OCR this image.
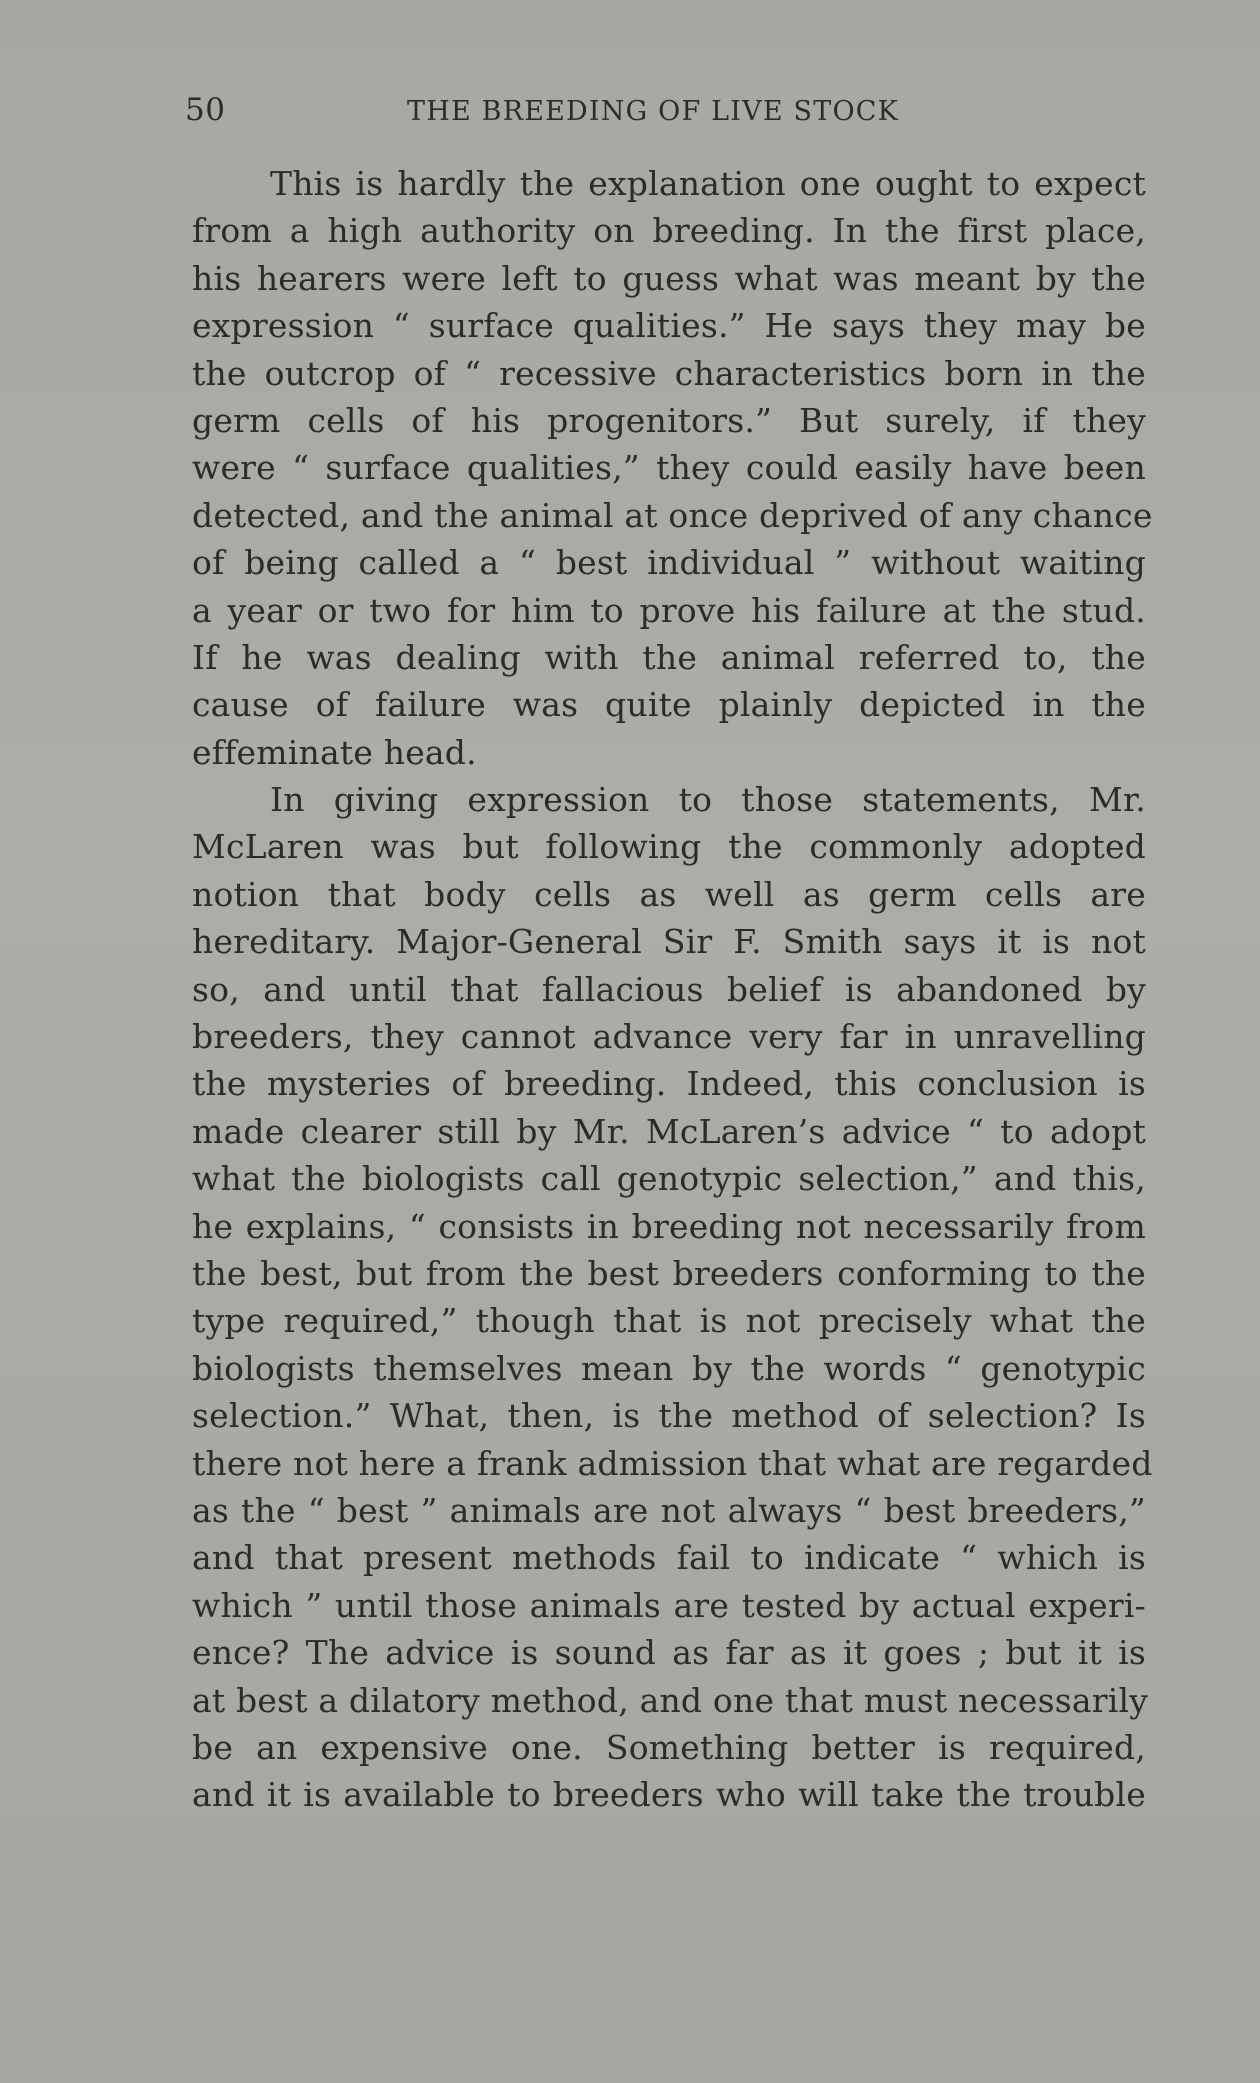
50	THE BREEDING OF LIVE STOCK

This is hardly the explanation one ought to expect
from a high authority on breeding. In the first place,
his hearers were left to guess what was meant by the
expression “ surface qualities.” He says they may be
the outcrop of “ recessive characteristics born in the
germ cells of his progenitors.” But surely, if they
were “ surface qualities,” they could easily have been
detected, and the animal at once deprived of any chance
of being called a “ best individual ” without waiting
a year or two for him to prove his failure at the stud.
If he was dealing with the animal referred to, the
cause of failure was quite plainly depicted in the
effeminate head.

In giving expression to those statements, Mr.
McLaren was but following the commonly adopted
notion that body cells as well as germ cells are
hereditary. Major-General Sir F. Smith says it is not
so, and until that fallacious belief is abandoned by
breeders, they cannot advance very far in unravelling
the mysteries of breeding. Indeed, this conclusion is
made clearer still by Mr. McLaren’s advice “ to adopt
what the biologists call genotypic selection,” and this,
he explains, “ consists in breeding not necessarily from
the best, but from the best breeders conforming to the
type required,” though that is not precisely what the
biologists themselves mean by the words “ genotypic
selection.” What, then, is the method of selection? Is
there not here a frank admission that what are regarded
as the “ best ” animals are not always “ best breeders,”
and that present methods fail to indicate “ which is
which ” until those animals are tested by actual experi-
ence? The advice is sound as far as it goes ; but it is
at best a dilatory method, and one that must necessarily
be an expensive one. Something better is required,
and it is available to breeders who will take the trouble
